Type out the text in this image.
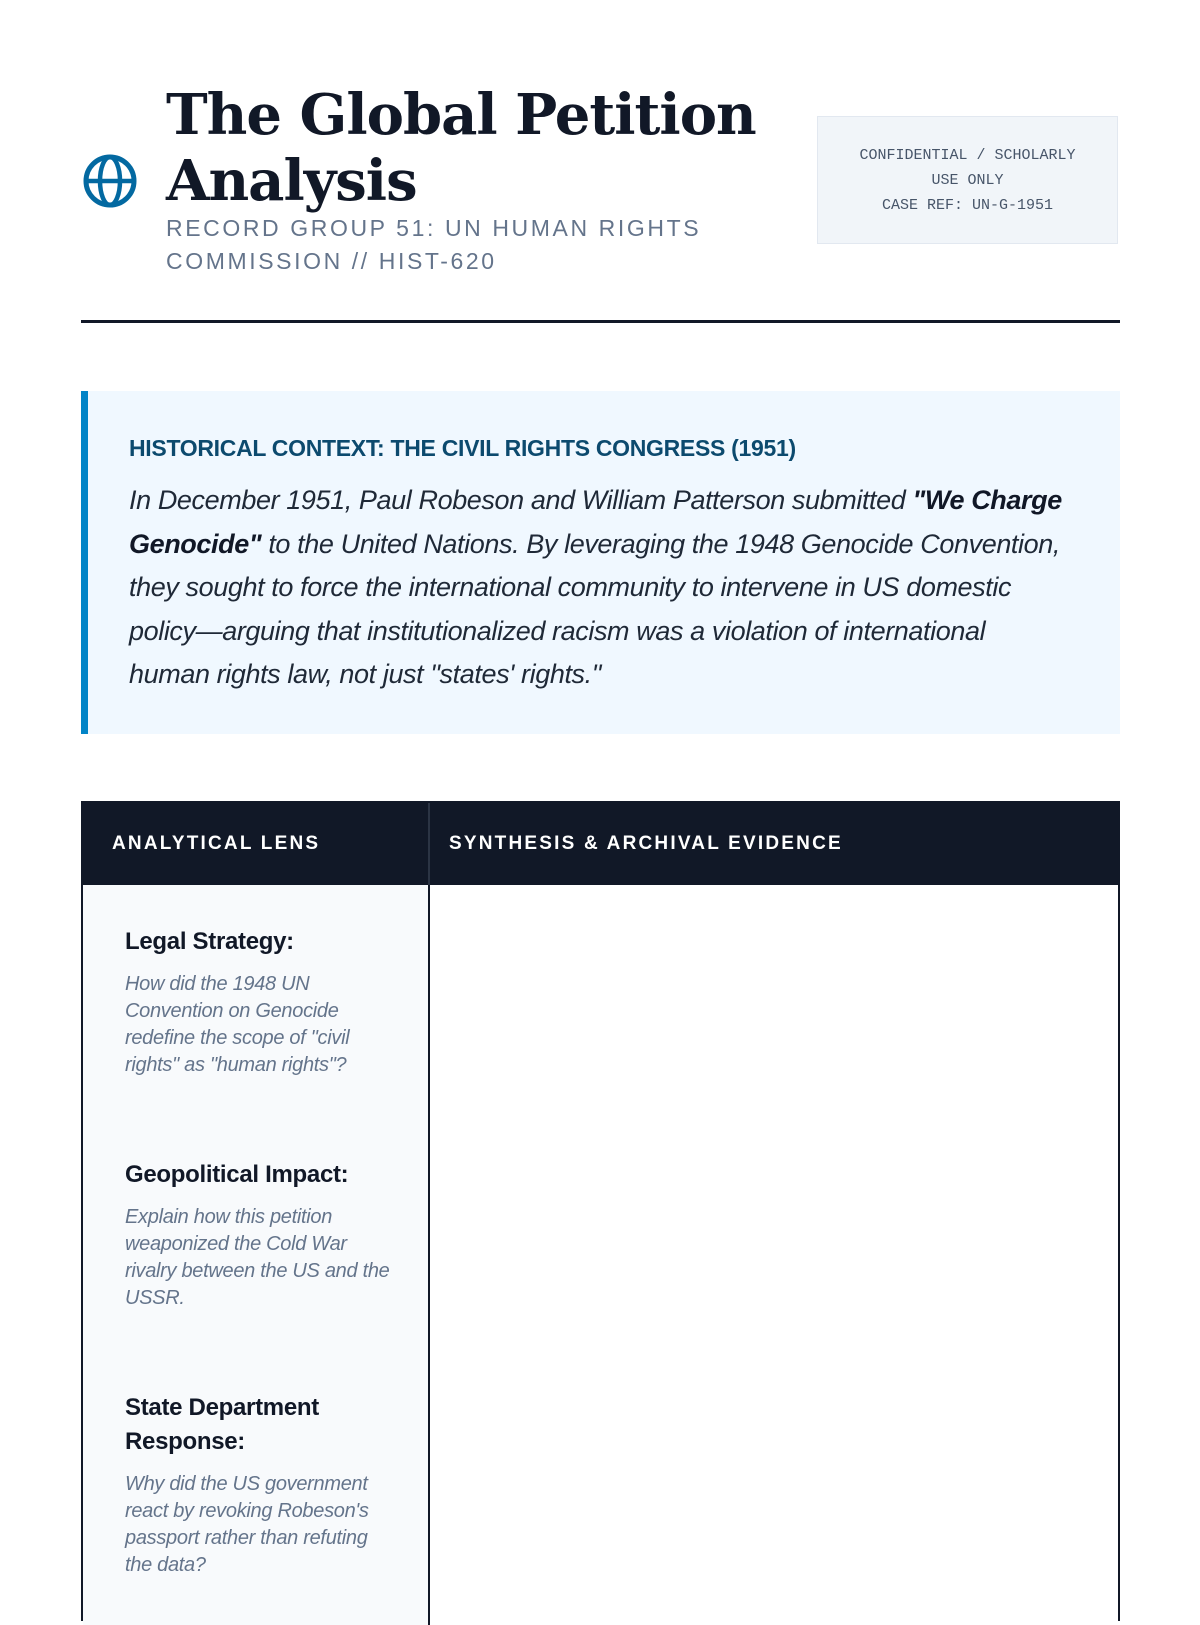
The Global Petition Analysis
RECORD GROUP 51: UN HUMAN RIGHTS COMMISSION // HIST-620
CONFIDENTIAL / SCHOLARLY
USE ONLY
CASE REF: UN-G-1951
HISTORICAL CONTEXT: THE CIVIL RIGHTS CONGRESS (1951)

In December 1951, Paul Robeson and William Patterson submitted "We Charge Genocide" to the United Nations. By leveraging the 1948 Genocide Convention, they sought to force the international community to intervene in US domestic policy—arguing that institutionalized racism was a violation of international human rights law, not just "states' rights."

ANALYTICAL LENS	SYNTHESIS & ARCHIVAL EVIDENCE
Legal Strategy:
How did the 1948 UN Convention on Genocide redefine the scope of "civil rights" as "human rights"?
Geopolitical Impact:
Explain how this petition weaponized the Cold War rivalry between the US and the USSR.
State Department Response:
Why did the US government react by revoking Robeson's passport rather than refuting the data?
